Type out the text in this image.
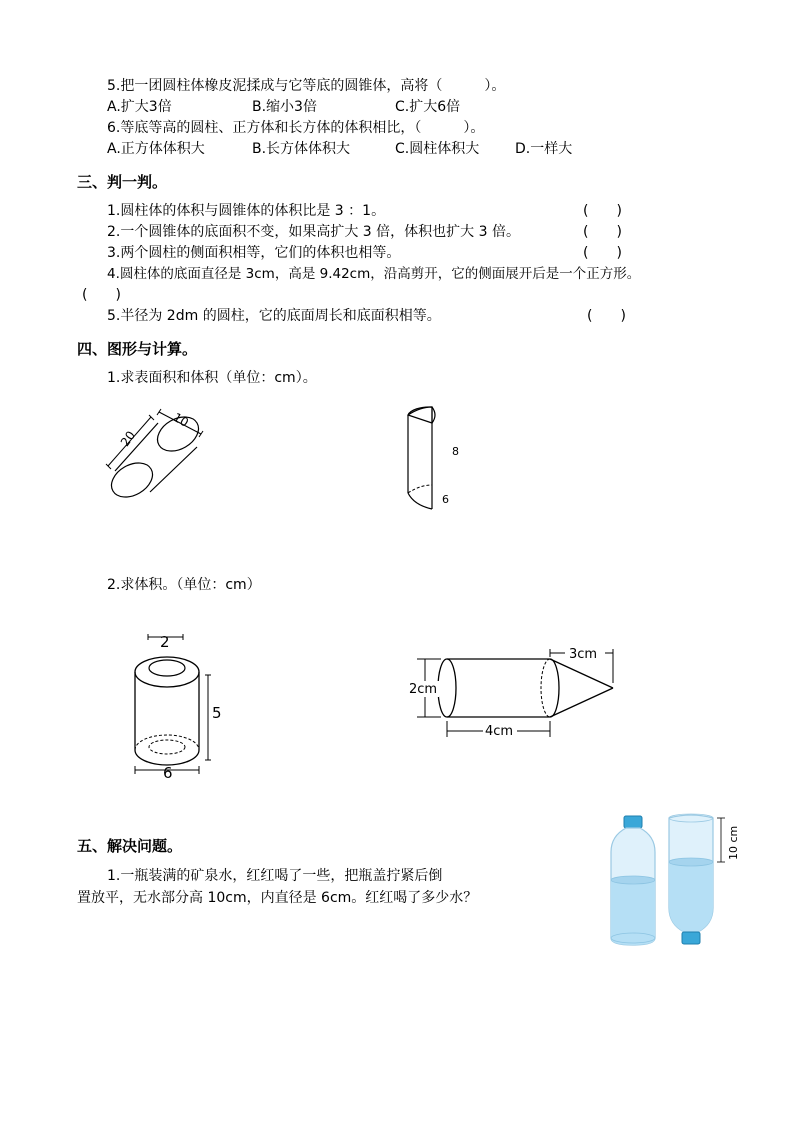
5.把一团圆柱体橡皮泥揉成与它等底的圆锥体，高将（　　　）。
A.扩大3倍	B.缩小3倍	C.扩大6倍
6.等底等高的圆柱、正方体和长方体的体积相比，（　　　）。
A.正方体体积大	B.长方体体积大	C.圆柱体积大	D.一样大
三、判一判。
1.圆柱体的体积与圆锥体的体积比是 3 ：1。	(　　)
2.一个圆锥体的底面积不变，如果高扩大 3 倍，体积也扩大 3 倍。	(　　)
3.两个圆柱的侧面积相等，它们的体积也相等。	(　　)
4.圆柱体的底面直径是 3cm，高是 9.42cm，沿高剪开，它的侧面展开后是一个正方形。
(　　)
5.半径为 2dm 的圆柱，它的底面周长和底面积相等。	(　　)
四、图形与计算。
1.求表面积和体积（单位：cm）。
20
10
8
6
2.求体积。（单位：cm）
2
5
6
3cm
2cm
4cm
五、解决问题。
1.一瓶装满的矿泉水，红红喝了一些，把瓶盖拧紧后倒
置放平，无水部分高 10cm，内直径是 6cm。红红喝了多少水？
10 cm
